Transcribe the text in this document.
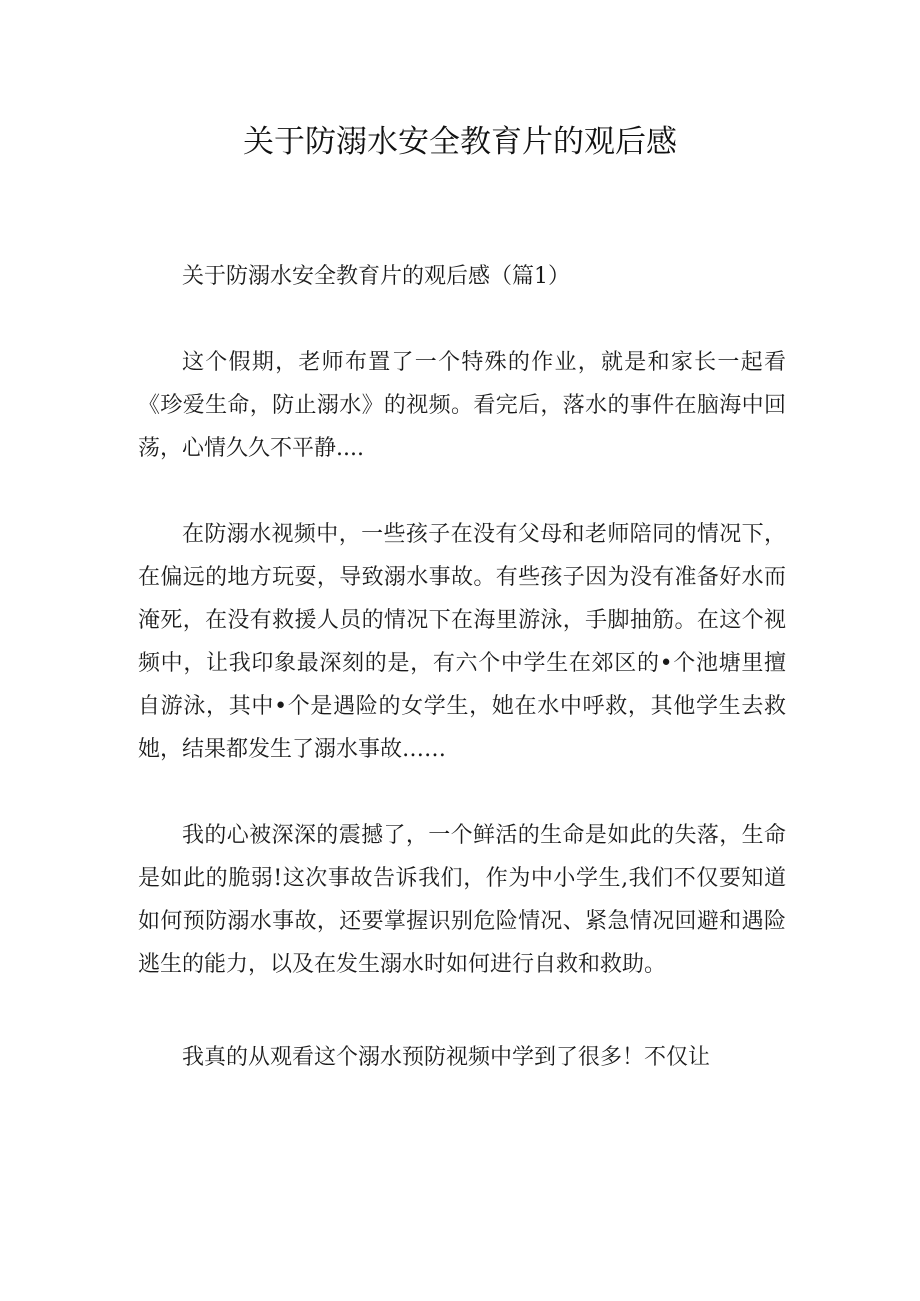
关于防溺水安全教育片的观后感

关于防溺水安全教育片的观后感（篇1）

这个假期，老师布置了一个特殊的作业，就是和家长一起看《珍爱生命，防止溺水》的视频。看完后，落水的事件在脑海中回荡，心情久久不平静....

在防溺水视频中，一些孩子在没有父母和老师陪同的情况下，在偏远的地方玩耍，导致溺水事故。有些孩子因为没有准备好水而淹死，在没有救援人员的情况下在海里游泳，手脚抽筋。在这个视频中，让我印象最深刻的是，有六个中学生在郊区的•个池塘里擅自游泳，其中•个是遇险的女学生，她在水中呼救，其他学生去救她，结果都发生了溺水事故……

我的心被深深的震撼了，一个鲜活的生命是如此的失落，生命是如此的脆弱!这次事故告诉我们，作为中小学生,我们不仅要知道如何预防溺水事故，还要掌握识别危险情况、紧急情况回避和遇险逃生的能力，以及在发生溺水时如何进行自救和救助。

我真的从观看这个溺水预防视频中学到了很多！不仅让
